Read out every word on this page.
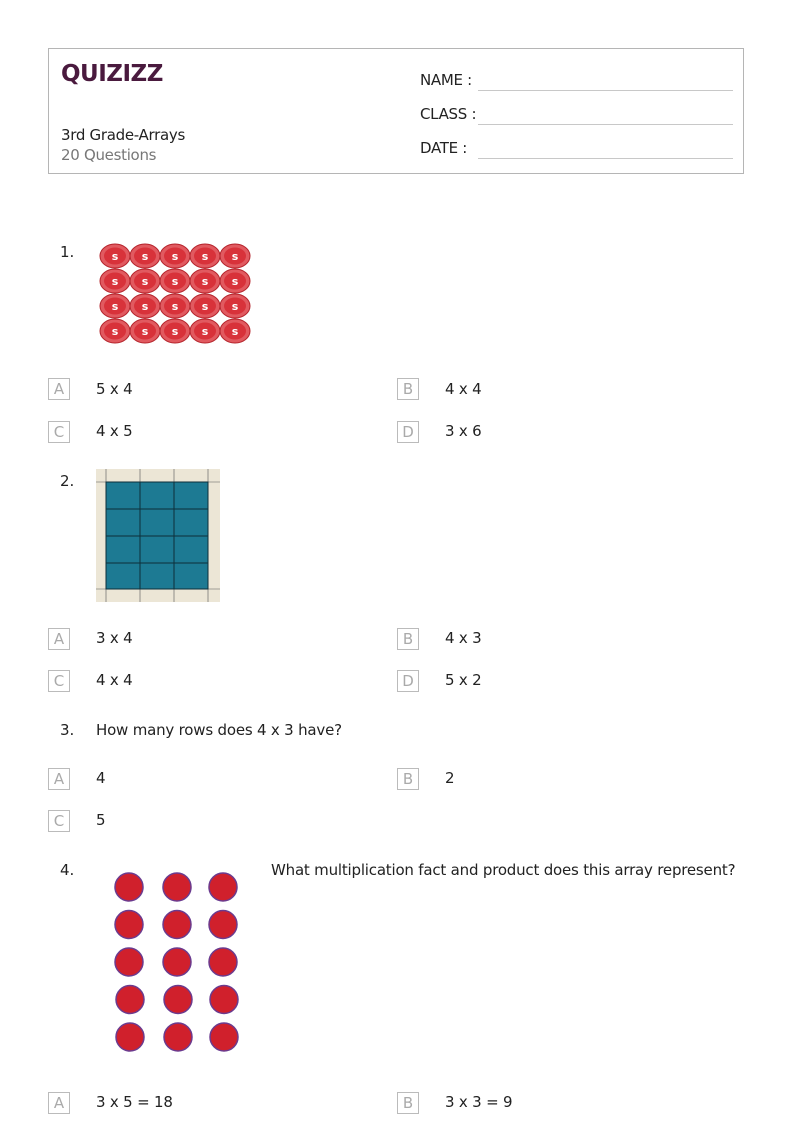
QUIZIZZ
3rd Grade-Arrays
20 Questions
NAME :
CLASS :
DATE :
1.	s s s s s
s s s s s
s s s s s
s s s s s
A	5 x 4	B	4 x 4
C	4 x 5	D	3 x 6
2.
A	3 x 4	B	4 x 3
C	4 x 4	D	5 x 2
3. How many rows does 4 x 3 have?
A	4	B	2
C	5
4.	What multiplication fact and product does this array represent?
A	3 x 5 = 18	B	3 x 3 = 9
